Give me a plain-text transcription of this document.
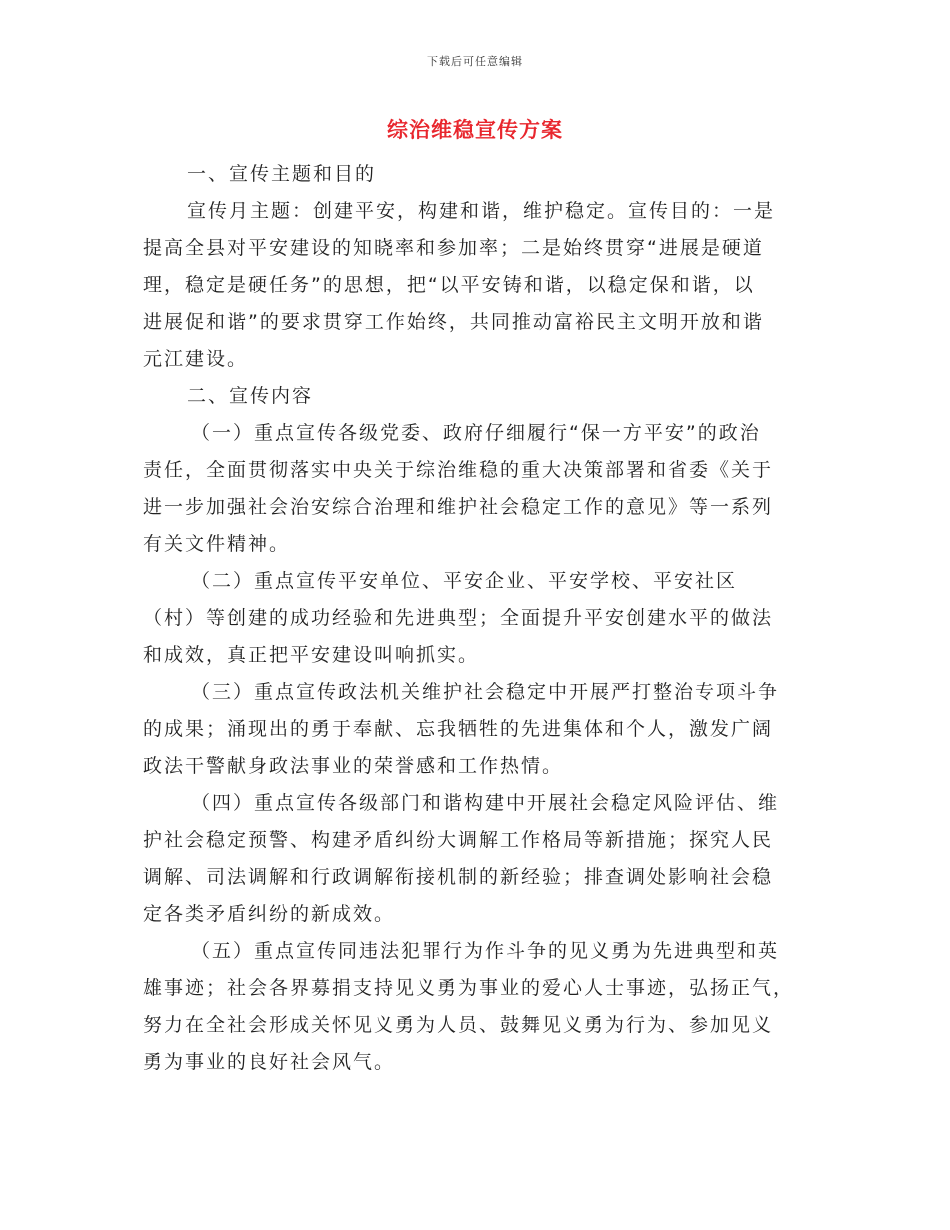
下载后可任意编辑
综治维稳宣传方案

一、宣传主题和目的

宣传月主题：创建平安，构建和谐，维护稳定。宣传目的：一是
提高全县对平安建设的知晓率和参加率；二是始终贯穿“进展是硬道
理，稳定是硬任务”的思想，把“以平安铸和谐，以稳定保和谐，以
进展促和谐”的要求贯穿工作始终，共同推动富裕民主文明开放和谐
元江建设。

二、宣传内容

（一）重点宣传各级党委、政府仔细履行“保一方平安”的政治
责任，全面贯彻落实中央关于综治维稳的重大决策部署和省委《关于
进一步加强社会治安综合治理和维护社会稳定工作的意见》等一系列
有关文件精神。

（二）重点宣传平安单位、平安企业、平安学校、平安社区
（村）等创建的成功经验和先进典型；全面提升平安创建水平的做法
和成效，真正把平安建设叫响抓实。

（三）重点宣传政法机关维护社会稳定中开展严打整治专项斗争
的成果；涌现出的勇于奉献、忘我牺牲的先进集体和个人，激发广阔
政法干警献身政法事业的荣誉感和工作热情。

（四）重点宣传各级部门和谐构建中开展社会稳定风险评估、维
护社会稳定预警、构建矛盾纠纷大调解工作格局等新措施；探究人民
调解、司法调解和行政调解衔接机制的新经验；排查调处影响社会稳
定各类矛盾纠纷的新成效。

（五）重点宣传同违法犯罪行为作斗争的见义勇为先进典型和英
雄事迹；社会各界募捐支持见义勇为事业的爱心人士事迹，弘扬正气，
努力在全社会形成关怀见义勇为人员、鼓舞见义勇为行为、参加见义
勇为事业的良好社会风气。
